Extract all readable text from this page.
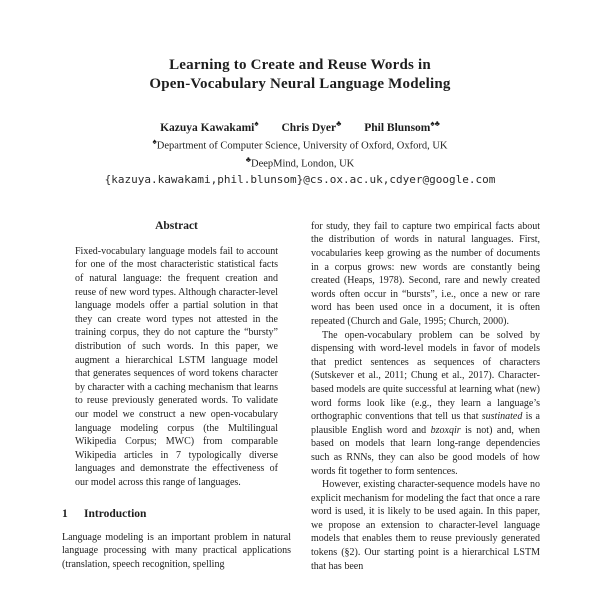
Learning to Create and Reuse Words in
Open-Vocabulary Neural Language Modeling
Kazuya Kawakami♠ Chris Dyer♣ Phil Blunsom♠♣
♠Department of Computer Science, University of Oxford, Oxford, UK
♣DeepMind, London, UK
{kazuya.kawakami,phil.blunsom}@cs.ox.ac.uk,cdyer@google.com
Abstract
Fixed-vocabulary language models fail to account for one of the most characteristic statistical facts of natural language: the frequent creation and reuse of new word types. Although character-level language models offer a partial solution in that they can create word types not attested in the training corpus, they do not capture the “bursty” distribution of such words. In this paper, we augment a hierarchical LSTM language model that generates sequences of word tokens character by character with a caching mechanism that learns to reuse previously generated words. To validate our model we construct a new open-vocabulary language modeling corpus (the Multilingual Wikipedia Corpus; MWC) from comparable Wikipedia articles in 7 typologically diverse languages and demonstrate the effectiveness of our model across this range of languages.
1 Introduction

Language modeling is an important problem in natural language processing with many practical applications (translation, speech recognition, spelling

for study, they fail to capture two empirical facts about the distribution of words in natural languages. First, vocabularies keep growing as the number of documents in a corpus grows: new words are constantly being created (Heaps, 1978). Second, rare and newly created words often occur in “bursts”, i.e., once a new or rare word has been used once in a document, it is often repeated (Church and Gale, 1995; Church, 2000).

The open-vocabulary problem can be solved by dispensing with word-level models in favor of models that predict sentences as sequences of characters (Sutskever et al., 2011; Chung et al., 2017). Character-based models are quite successful at learning what (new) word forms look like (e.g., they learn a language’s orthographic conventions that tell us that sustinated is a plausible English word and bzoxqir is not) and, when based on models that learn long-range dependencies such as RNNs, they can also be good models of how words fit together to form sentences.

However, existing character-sequence models have no explicit mechanism for modeling the fact that once a rare word is used, it is likely to be used again. In this paper, we propose an extension to character-level language models that enables them to reuse previously generated tokens (§2). Our starting point is a hierarchical LSTM that has been
